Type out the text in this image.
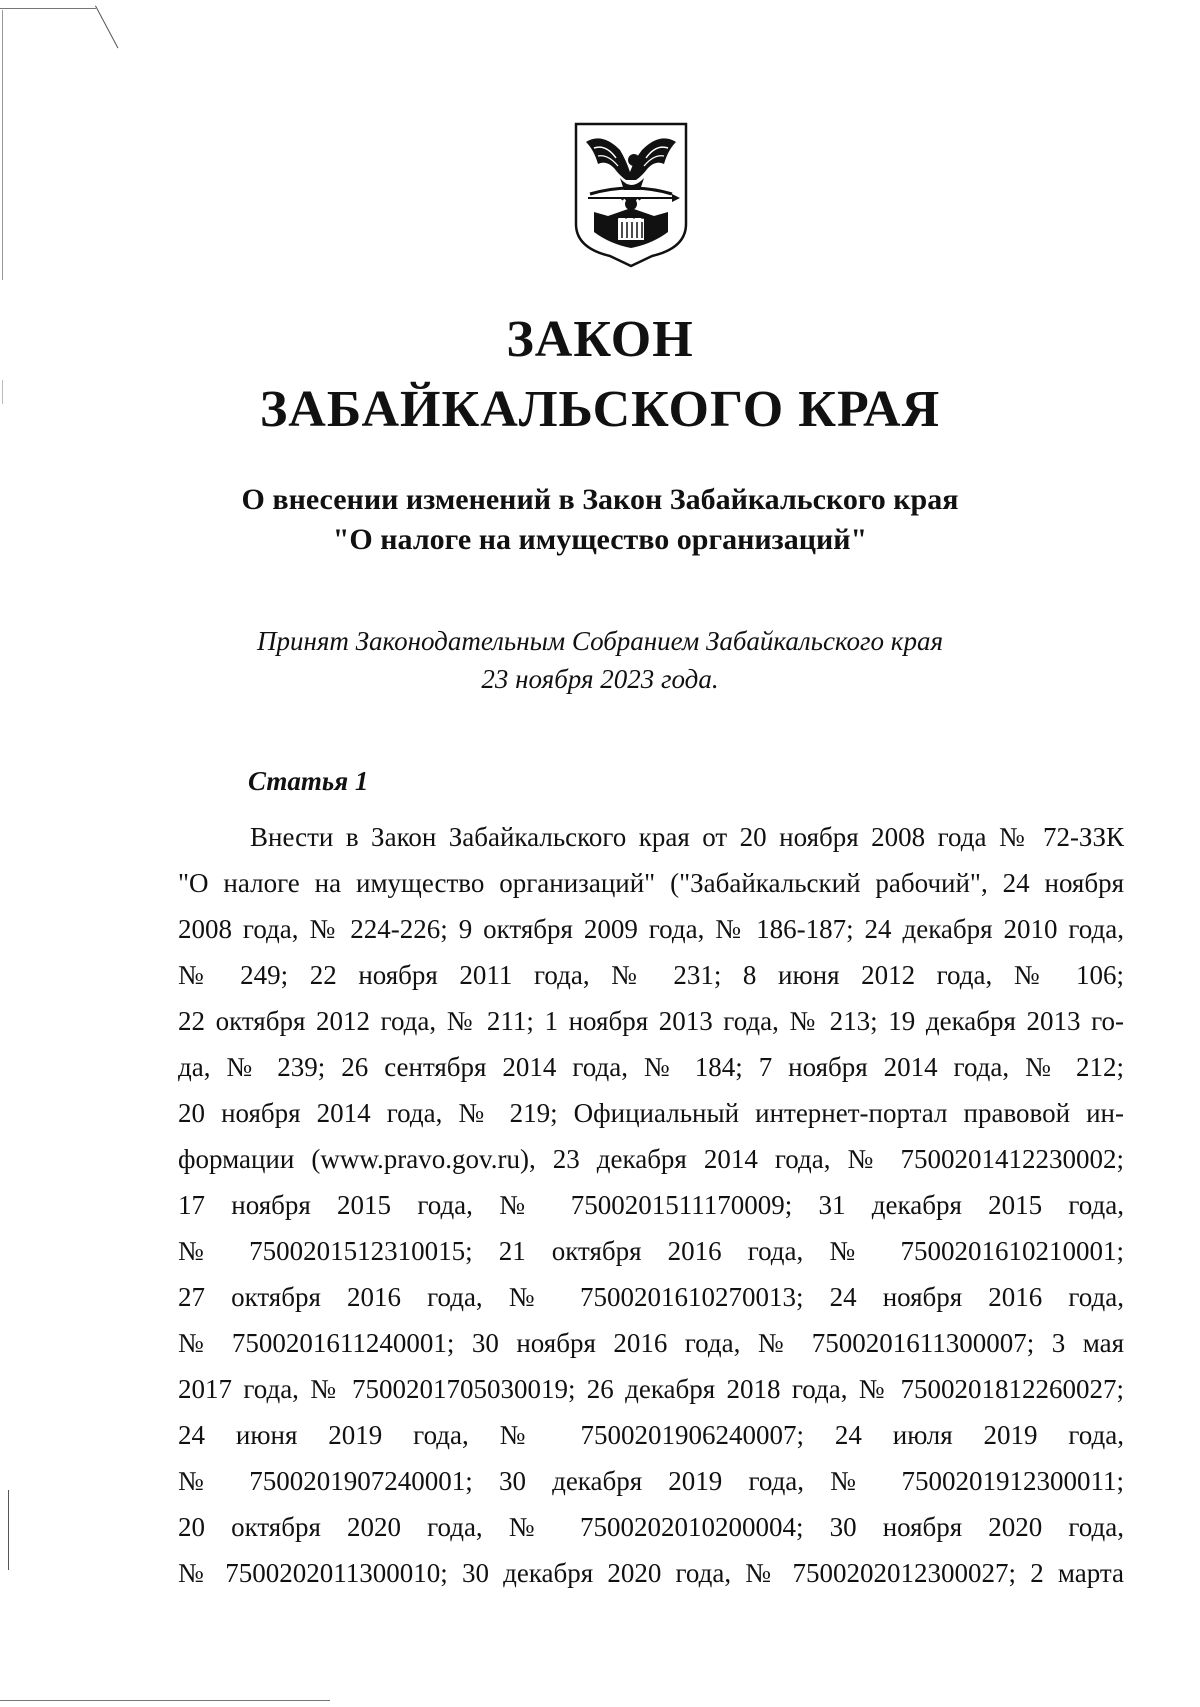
ЗАКОН
ЗАБАЙКАЛЬСКОГО КРАЯ
О внесении изменений в Закон Забайкальского края
"О налоге на имущество организаций"
Принят Законодательным Собранием Забайкальского края
23 ноября 2023 года.
Статья 1
Внести в Закон Забайкальского края от 20 ноября 2008 года № 72-ЗЗК
"О налоге на имущество организаций" ("Забайкальский рабочий", 24 ноября
2008 года, № 224-226; 9 октября 2009 года, № 186-187; 24 декабря 2010 года,
№ 249; 22 ноября 2011 года, № 231; 8 июня 2012 года, № 106;
22 октября 2012 года, № 211; 1 ноября 2013 года, № 213; 19 декабря 2013 го-
да, № 239; 26 сентября 2014 года, № 184; 7 ноября 2014 года, № 212;
20 ноября 2014 года, № 219; Официальный интернет-портал правовой ин-
формации (www.pravo.gov.ru), 23 декабря 2014 года, № 7500201412230002;
17 ноября 2015 года, № 7500201511170009; 31 декабря 2015 года,
№ 7500201512310015; 21 октября 2016 года, № 7500201610210001;
27 октября 2016 года, № 7500201610270013; 24 ноября 2016 года,
№ 7500201611240001; 30 ноября 2016 года, № 7500201611300007; 3 мая
2017 года, № 7500201705030019; 26 декабря 2018 года, № 7500201812260027;
24 июня 2019 года, № 7500201906240007; 24 июля 2019 года,
№ 7500201907240001; 30 декабря 2019 года, № 7500201912300011;
20 октября 2020 года, № 7500202010200004; 30 ноября 2020 года,
№ 7500202011300010; 30 декабря 2020 года, № 7500202012300027; 2 марта
